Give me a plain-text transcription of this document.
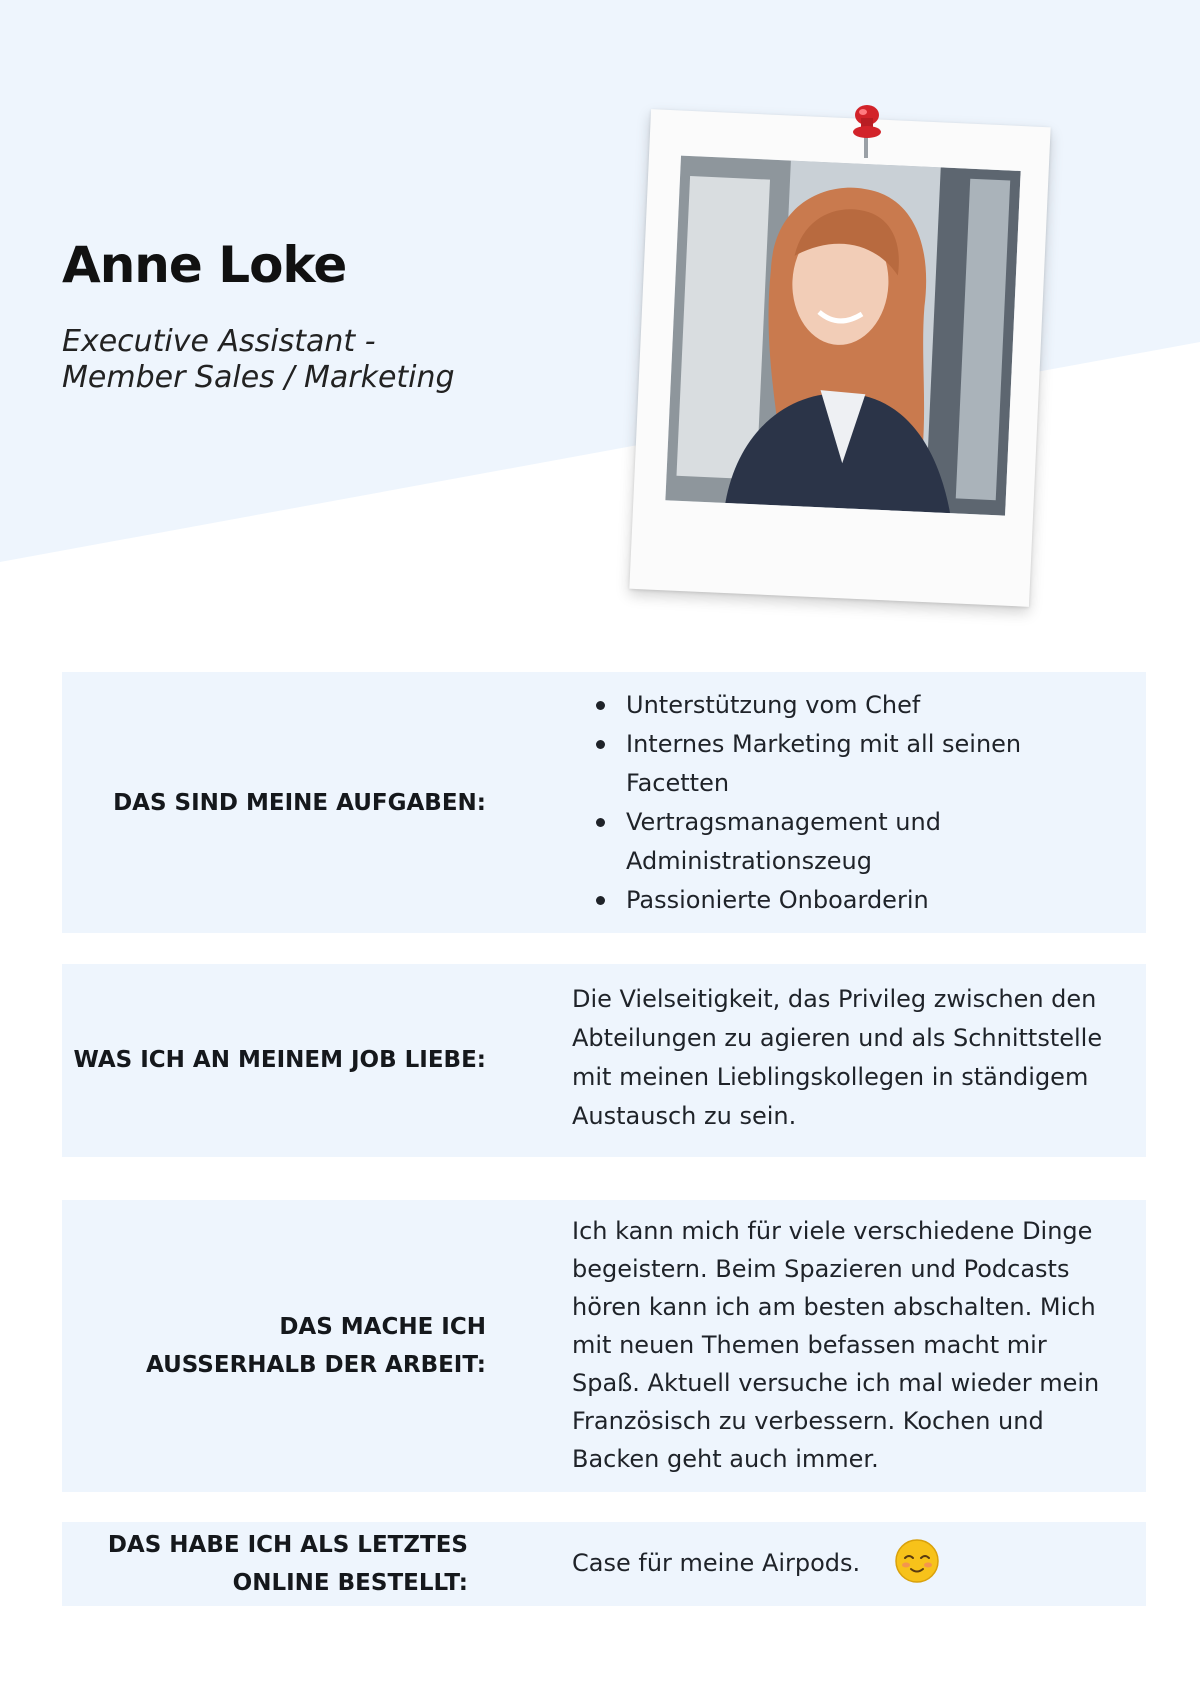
Anne Loke
Executive Assistant -
Member Sales / Marketing
DAS SIND MEINE AUFGABEN:
Unterstützung vom Chef
Internes Marketing mit all seinen Facetten
Vertragsmanagement und Administrationszeug
Passionierte Onboarderin
WAS ICH AN MEINEM JOB LIEBE:

Die Vielseitigkeit, das Privileg zwischen den Abteilungen zu agieren und als Schnittstelle mit meinen Lieblingskollegen in ständigem Austausch zu sein.

DAS MACHE ICH
AUSSERHALB DER ARBEIT:

Ich kann mich für viele verschiedene Dinge begeistern. Beim Spazieren und Podcasts hören kann ich am besten abschalten. Mich mit neuen Themen befassen macht mir Spaß. Aktuell versuche ich mal wieder mein Französisch zu verbessern. Kochen und Backen geht auch immer.

DAS HABE ICH ALS LETZTES
ONLINE BESTELLT:

Case für meine Airpods.
